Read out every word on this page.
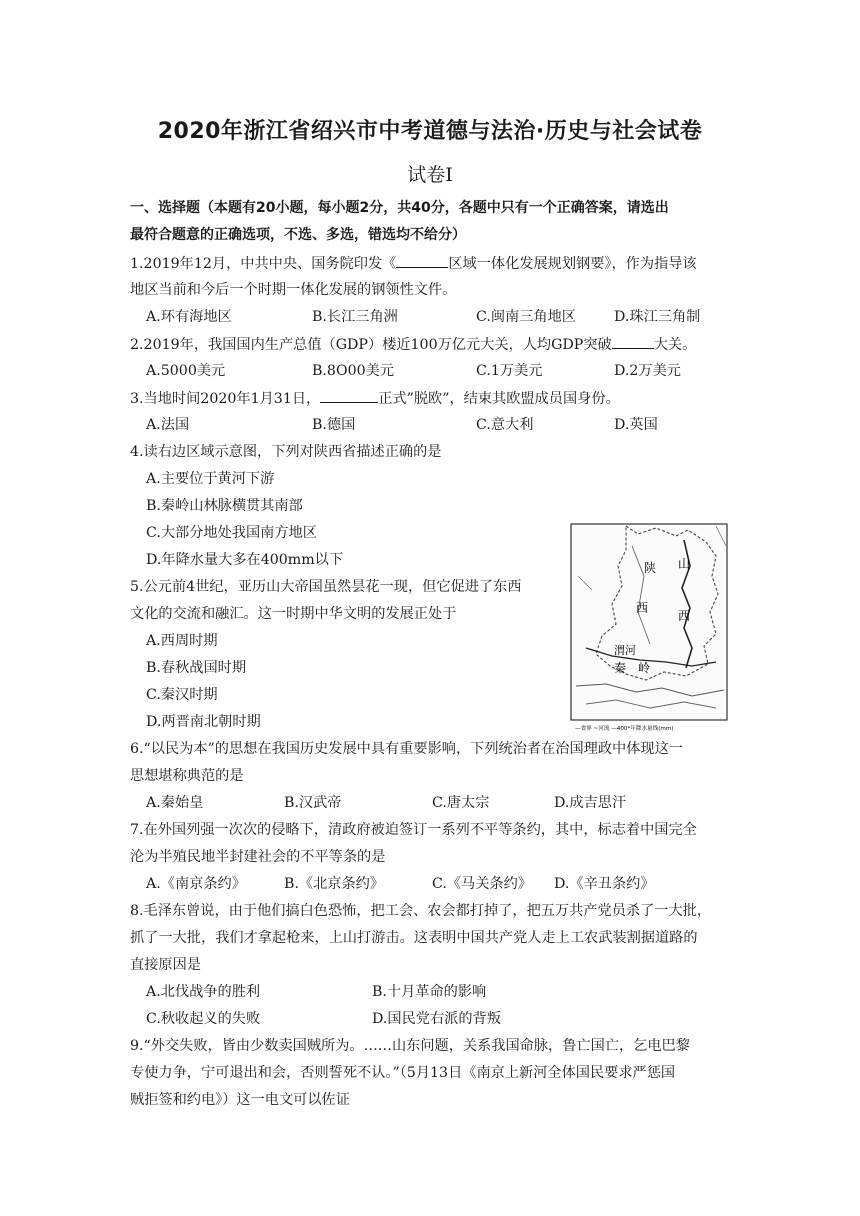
2020年浙江省绍兴市中考道德与法治·历史与社会试卷
试卷Ⅰ
一、选择题（本题有20小题，每小题2分，共40分，各题中只有一个正确答案，请选出
最符合题意的正确选项，不选、多选，错选均不给分）
1.2019年12月，中共中央、国务院印发《	区域一体化发展规划钢要》，作为指导该
地区当前和今后一个时期一体化发展的钢领性文件。
A.环有海地区	B.长江三角洲	C.闽南三角地区	D.珠江三角制
2.2019年，我国国内生产总值（GDP）楼近100万亿元大关，人均GDP突破	大关。
A.5000美元	B.8O00美元	C.1万美元	D.2万美元
3.当地时间2020年1月31日，	正式”脱欧”，结束其欧盟成员国身份。
A.法国	B.德国	C.意大利	D.英国
4.读右边区域示意图，下列对陕西省描述正确的是
A.主要位于黄河下游
B.秦岭山林脉横贯其南部
C.大部分地处我国南方地区
D.年降水量大多在400mm以下
5.公元前4世纪，亚历山大帝国虽然昙花一现，但它促进了东西
文化的交流和融汇。这一时期中华文明的发展正处于
A.西周时期
B.春秋战国时期
C.秦汉时期
D.两晋南北朝时期
陕 山
西
西
渭河
秦 岭
—省界 ~河流 —400*年降水量线(mm)
6.“以民为本”的思想在我国历史发展中具有重要影响，下列统治者在治国理政中体现这一
思想堪称典范的是
A.秦始皇	B.汉武帝	C.唐太宗	D.成吉思汗
7.在外国列强一次次的侵略下，清政府被迫签订一系列不平等条约，其中，标志着中国完全
沦为半殖民地半封建社会的不平等条的是
A.《南京条约》	B.《北京条约》	C.《马关条约》 D.《辛丑条约》
8.毛泽东曾说，由于他们搞白色恐怖，把工会、农会都打掉了，把五万共产党员杀了一大批，
抓了一大批，我们才拿起枪来，上山打游击。这表明中国共产党人走上工农武装割据道路的
直接原因是
A.北伐战争的胜利	B.十月革命的影响
C.秋收起义的失败	D.国民党右派的背叛
9.“外交失败，皆由少数卖国贼所为。……山东问题，关系我国命脉，鲁亡国亡，乞电巴黎
专使力争，宁可退出和会，否则誓死不认。”（5月13日《南京上新河全体国民要求严惩国
贼拒签和约电》）这一电文可以佐证
